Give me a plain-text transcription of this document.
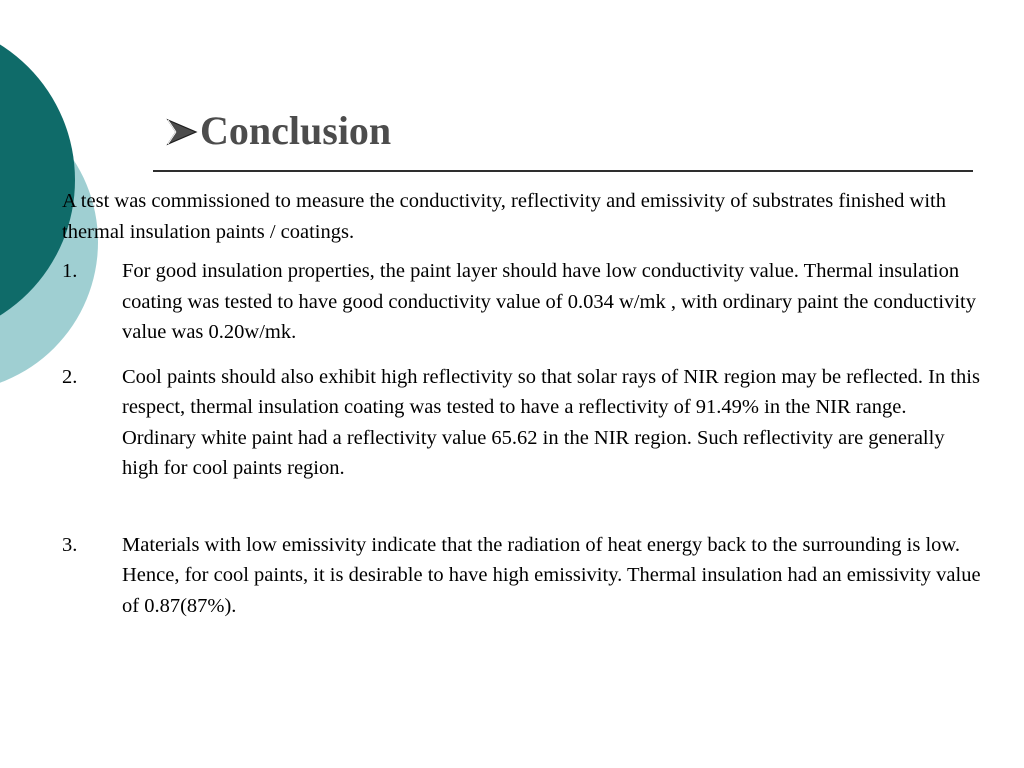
Conclusion

A test was commissioned to measure the conductivity, reflectivity and emissivity of substrates finished with thermal insulation paints / coatings.

1.	For good insulation properties, the paint layer should have low conductivity value. Thermal insulation coating was tested to have good conductivity value of 0.034 w/mk , with ordinary paint the conductivity value was 0.20w/mk.
2.	Cool paints should also exhibit high reflectivity so that solar rays of NIR region may be reflected. In this respect, thermal insulation coating was tested to have a reflectivity of 91.49% in the NIR range. Ordinary white paint had a reflectivity value 65.62 in the NIR region. Such reflectivity are generally high for cool paints region.
3.	Materials with low emissivity indicate that the radiation of heat energy back to the surrounding is low. Hence, for cool paints, it is desirable to have high emissivity. Thermal insulation had an emissivity value of 0.87(87%).
